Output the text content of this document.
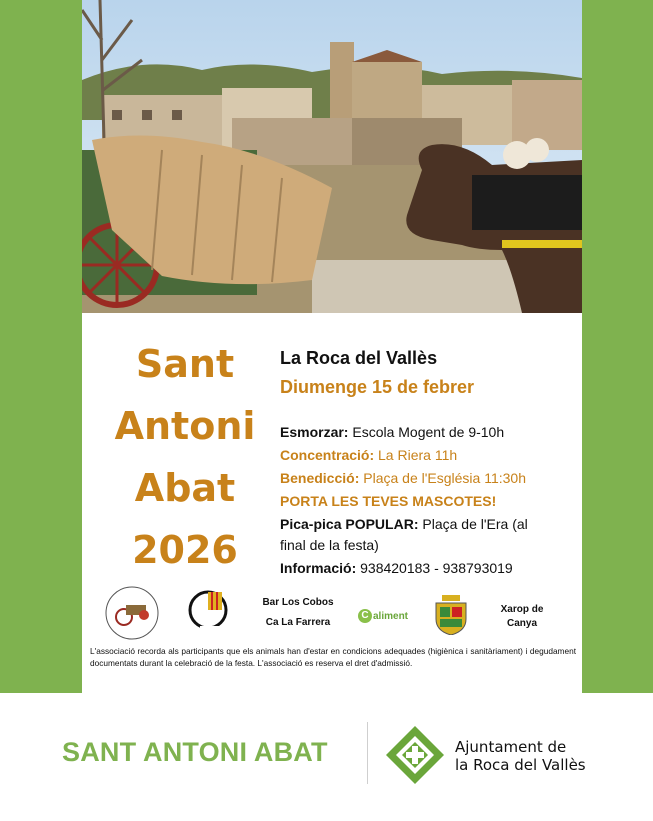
Sant
Antoni
Abat
2026
La Roca del Vallès
Diumenge 15 de febrer
Esmorzar: Escola Mogent de 9-10h
Concentració: La Riera 11h
Benedicció: Plaça de l'Església 11:30h
PORTA LES TEVES MASCOTES!
Pica-pica POPULAR: Plaça de l'Era (al
final de la festa)
Informació: 938420183 - 938793019
Bar Los Cobos
Ca La Farrera
C aliment
Xarop de
Canya
L'associació recorda als participants que els animals han d'estar en condicions adequades (higiènica i sanitàriament) i degudament documentats durant la celebració de la festa. L'associació es reserva el dret d'admissió.
SANT ANTONI ABAT	Ajuntament de
la Roca del Vallès
